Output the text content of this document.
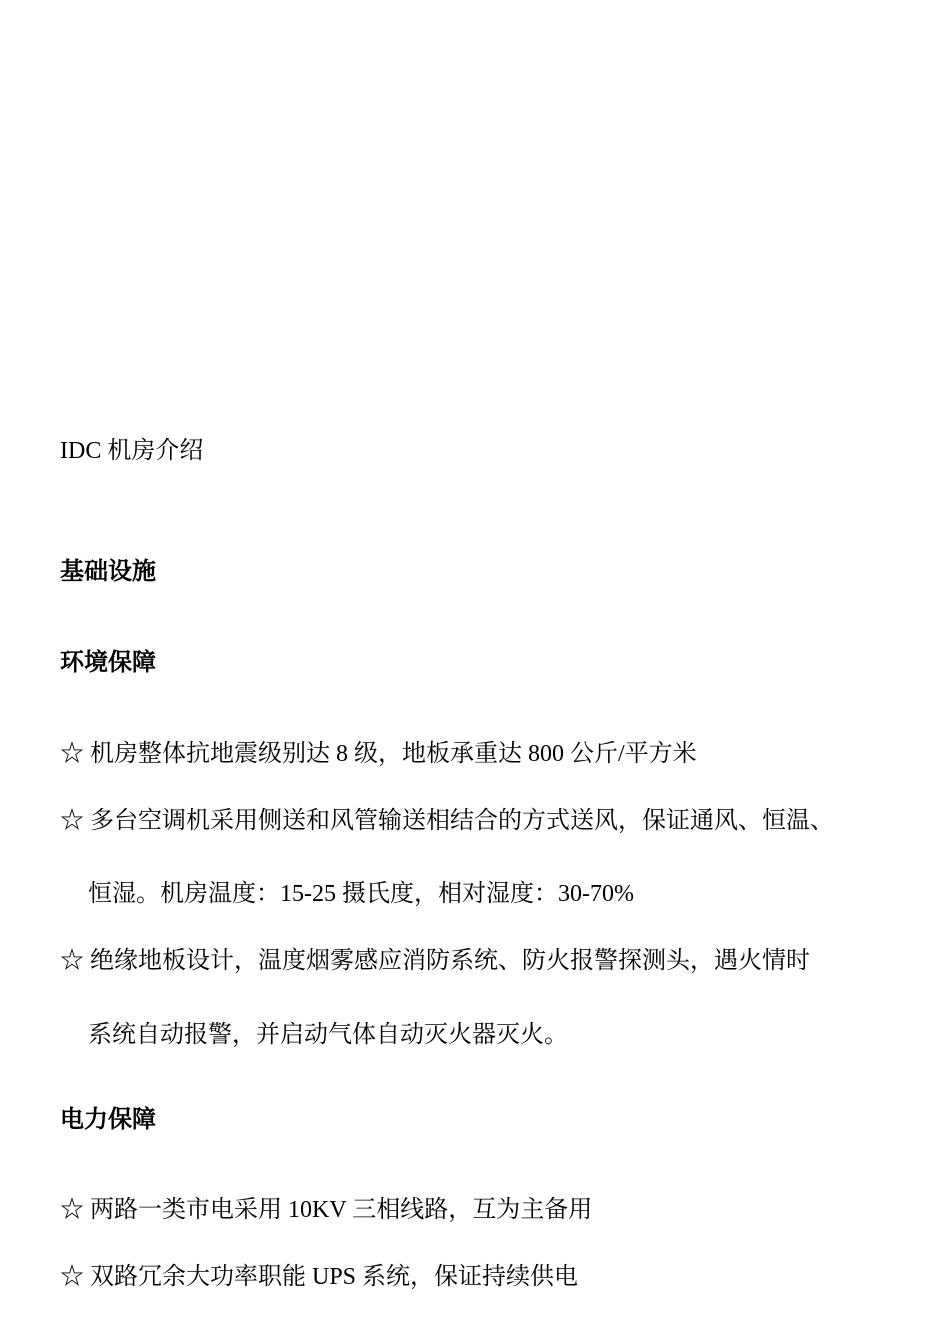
IDC 机房介绍
基础设施
环境保障
☆ 机房整体抗地震级别达 8 级，地板承重达 800 公斤/平方米
☆ 多台空调机采用侧送和风管输送相结合的方式送风，保证通风、恒温、
恒湿。机房温度：15-25 摄氏度，相对湿度：30-70%
☆ 绝缘地板设计，温度烟雾感应消防系统、防火报警探测头，遇火情时
系统自动报警，并启动气体自动灭火器灭火。
电力保障
☆ 两路一类市电采用 10KV 三相线路，互为主备用
☆ 双路冗余大功率职能 UPS 系统，保证持续供电
